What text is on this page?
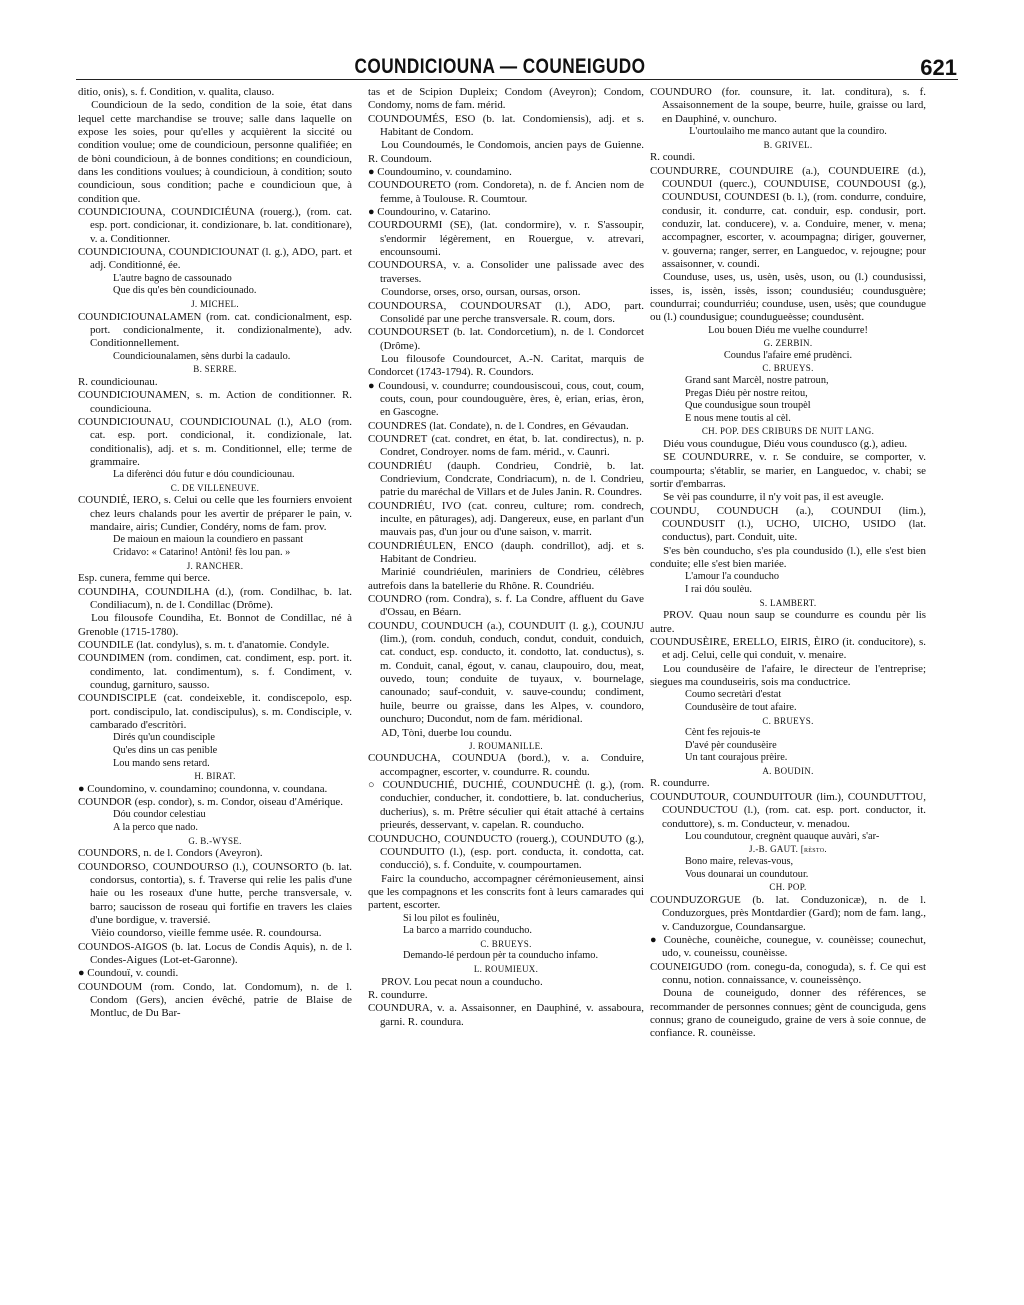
COUNDICIOUNA — COUNEIGUDO	621

ditio, onis), s. f. Condition, v. qualita, clauso.

Coundicioun de la sedo, condition de la soie, état dans lequel cette marchandise se trouve; salle dans laquelle on expose les soies, pour qu'elles y acquièrent la siccité ou condition voulue; ome de coundicioun, personne qualifiée; en de bòni coundicioun, à de bonnes conditions; en coundicioun, dans les conditions voulues; à coundicioun, à condition; souto coundicioun, sous condition; pache e coundicioun que, à condition que.

COUNDICIOUNA, COUNDICIÉUNA (rouerg.), (rom. cat. esp. port. condicionar, it. condizionare, b. lat. conditionare), v. a. Conditionner.

COUNDICIOUNA, COUNDICIOUNAT (l. g.), ADO, part. et adj. Conditionné, ée.

L'autre bagno de cassounado
Que dis qu'es bèn coundiciounado.
J. MICHEL.

COUNDICIOUNALAMEN (rom. cat. condicionalment, esp. port. condicionalmente, it. condizionalmente), adv. Conditionnellement.

Coundiciounalamen, sèns durbi la cadaulo.
B. SERRE.

R. coundiciounau.

COUNDICIOUNAMEN, s. m. Action de conditionner. R. coundiciouna.

COUNDICIOUNAU, COUNDICIOUNAL (l.), ALO (rom. cat. esp. port. condicional, it. condizionale, lat. conditionalis), adj. et s. m. Conditionnel, elle; terme de grammaire.

La diferènci dóu futur e dóu coundiciounau.
C. DE VILLENEUVE.

COUNDIÉ, IERO, s. Celui ou celle que les fourniers envoient chez leurs chalands pour les avertir de préparer le pain, v. mandaire, airis; Cundier, Condéry, noms de fam. prov.

De maioun en maioun la coundiero en passant
Cridavo: « Catarino! Antòni! fès lou pan. »
J. RANCHER.

Esp. cunera, femme qui berce.

COUNDIHA, COUNDILHA (d.), (rom. Condilhac, b. lat. Condiliacum), n. de l. Condillac (Drôme).

Lou filousofe Coundiha, Et. Bonnot de Condillac, né à Grenoble (1715-1780).

COUNDILE (lat. condylus), s. m. t. d'anatomie. Condyle.

COUNDIMEN (rom. condimen, cat. condiment, esp. port. it. condimento, lat. condimentum), s. f. Condiment, v. coundug, garnituro, sausso.

COUNDISCIPLE (cat. condeixeble, it. condiscepolo, esp. port. condiscipulo, lat. condiscipulus), s. m. Condisciple, v. cambarado d'escritòri.

Dirés qu'un coundisciple
Qu'es dins un cas penible
Lou mando sens retard.
H. BIRAT.

● Coundomino, v. coundamino; coundonna, v. coundana.

COUNDOR (esp. condor), s. m. Condor, oiseau d'Amérique.

Dóu coundor celestiau
A la perco que nado.
G. B.-WYSE.

COUNDORS, n. de l. Condors (Aveyron).

COUNDORSO, COUNDOURSO (l.), COUNSORTO (b. lat. condorsus, contortia), s. f. Traverse qui relie les palis d'une haie ou les roseaux d'une hutte, perche transversale, v. barro; saucisson de roseau qui fortifie en travers les claies d'une bordigue, v. traversié.

Vièio coundorso, vieille femme usée. R. coundoursa.

COUNDOS-AIGOS (b. lat. Locus de Condis Aquis), n. de l. Condes-Aigues (Lot-et-Garonne).

● Coundouï, v. coundi.

COUNDOUM (rom. Condo, lat. Condomum), n. de l. Condom (Gers), ancien évêché, patrie de Blaise de Montluc, de Du Bar-

tas et de Scipion Dupleix; Condom (Aveyron); Condom, Condomy, noms de fam. mérid.

COUNDOUMÉS, ESO (b. lat. Condomiensis), adj. et s. Habitant de Condom.

Lou Coundoumés, le Condomois, ancien pays de Guienne. R. Coundoum.

● Coundoumino, v. coundamino.

COUNDOURETO (rom. Condoreta), n. de f. Ancien nom de femme, à Toulouse. R. Coumtour.

● Coundourino, v. Catarino.

COURDOURMI (SE), (lat. condormire), v. r. S'assoupir, s'endormir légèrement, en Rouergue, v. atrevari, encounsoumi.

COUNDOURSA, v. a. Consolider une palissade avec des traverses.

Coundorse, orses, orso, oursan, oursas, orson.

COUNDOURSA, COUNDOURSAT (l.), ADO, part. Consolidé par une perche transversale. R. coum, dors.

COUNDOURSET (b. lat. Condorcetium), n. de l. Condorcet (Drôme).

Lou filousofe Coundourcet, A.-N. Caritat, marquis de Condorcet (1743-1794). R. Coundors.

● Coundousi, v. coundurre; coundousiscoui, cous, cout, coum, couts, coun, pour coundouguère, ères, è, erian, erias, èron, en Gascogne.

COUNDRES (lat. Condate), n. de l. Condres, en Gévaudan.

COUNDRET (cat. condret, en état, b. lat. condirectus), n. p. Condret, Condroyer. noms de fam. mérid., v. Caunri.

COUNDRIÉU (dauph. Condrieu, Condriè, b. lat. Condrievium, Condcrate, Condriacum), n. de l. Condrieu, patrie du maréchal de Villars et de Jules Janin. R. Coundres.

COUNDRIÉU, IVO (cat. conreu, culture; rom. condrech, inculte, en pâturages), adj. Dangereux, euse, en parlant d'un mauvais pas, d'un jour ou d'une saison, v. marrit.

COUNDRIÉULEN, ENCO (dauph. condrillot), adj. et s. Habitant de Condrieu.

Marinié coundriéulen, mariniers de Condrieu, célèbres autrefois dans la batellerie du Rhône. R. Coundriéu.

COUNDRO (rom. Condra), s. f. La Condre, affluent du Gave d'Ossau, en Béarn.

COUNDU, COUNDUCH (a.), COUNDUIT (l. g.), COUNJU (lim.), (rom. conduh, conduch, condut, conduit, conduich, cat. conduct, esp. conducto, it. condotto, lat. conductus), s. m. Conduit, canal, égout, v. canau, claupouiro, dou, meat, ouvedo, toun; conduite de tuyaux, v. bournelage, canounado; sauf-conduit, v. sauve-coundu; condiment, huile, beurre ou graisse, dans les Alpes, v. coundoro, ounchuro; Ducondut, nom de fam. méridional.

AD, Tòni, duerbe lou coundu.

J. ROUMANILLE.

COUNDUCHA, COUNDUA (bord.), v. a. Conduire, accompagner, escorter, v. coundurre. R. coundu.

○ COUNDUCHIÉ, DUCHIÉ, COUNDUCHÈ (l. g.), (rom. conduchier, conducher, it. condottiere, b. lat. conducherius, ducherius), s. m. Prêtre séculier qui était attaché à certains prieurés, desservant, v. capelan. R. counducho.

COUNDUCHO, COUNDUCTO (rouerg.), COUNDUTO (g.), COUNDUITO (l.), (esp. port. conducta, it. condotta, cat. conducció), s. f. Conduite, v. coumpourtamen.

Fairc la counducho, accompagner cérémonieusement, ainsi que les compagnons et les conscrits font à leurs camarades qui partent, escorter.

Si lou pilot es foulinèu,
La barco a marrido counducho.
C. BRUEYS.
Demando-lé perdoun pèr ta counducho infamo.
L. ROUMIEUX.

PROV. Lou pecat noun a counducho.

R. coundurre.

COUNDURA, v. a. Assaisonner, en Dauphiné, v. assaboura, garni. R. coundura.

COUNDURO (for. counsure, it. lat. conditura), s. f. Assaisonnement de la soupe, beurre, huile, graisse ou lard, en Dauphiné, v. ounchuro.

L'ourtoulaiho me manco autant que la coundiro.
B. GRIVEL.

R. coundi.

COUNDURRE, COUNDUIRE (a.), COUNDUEIRE (d.), COUNDUI (querc.), COUNDUISE, COUNDOUSI (g.), COUNDUSI, COUNDESI (b. l.), (rom. condurre, conduire, condusir, it. condurre, cat. conduir, esp. condusir, port. conduzir, lat. conducere), v. a. Conduire, mener, v. mena; accompagner, escorter, v. acoumpagna; diriger, gouverner, v. gouverna; ranger, serrer, en Languedoc, v. rejougne; pour assaisonner, v. coundi.

Counduse, uses, us, usèn, usès, uson, ou (l.) coundusissi, isses, is, issèn, issès, isson; coundusiéu; coundusguère; coundurrai; coundurriéu; counduse, usen, usès; que coundugue ou (l.) coundusigue; coundugueèsse; coundusènt.

Lou bouen Diéu me vuelhe coundurre!
G. ZERBIN.
Coundus l'afaire emé prudènci.
C. BRUEYS.
Grand sant Marcèl, nostre patroun,
Pregas Diéu pèr nostre reitou,
Que coundusigue soun troupèl
E nous mene toutis al cèl.
CH. POP. DES CRIBURS DE NUIT LANG.

Diéu vous coundugue, Diéu vous coundusco (g.), adieu.

SE COUNDURRE, v. r. Se conduire, se comporter, v. coumpourta; s'établir, se marier, en Languedoc, v. chabi; se sortir d'embarras.

Se vèi pas coundurre, il n'y voit pas, il est aveugle.

COUNDU, COUNDUCH (a.), COUNDUI (lim.), COUNDUSIT (l.), UCHO, UICHO, USIDO (lat. conductus), part. Conduit, uite.

S'es bèn counducho, s'es pla coundusido (l.), elle s'est bien conduite; elle s'est bien mariée.

L'amour l'a counducho
I rai dóu soulèu.
S. LAMBERT.

PROV. Quau noun saup se coundurre es coundu pèr lis autre.

COUNDUSÈIRE, ERELLO, EIRIS, ÈIRO (it. conducitore), s. et adj. Celui, celle qui conduit, v. menaire.

Lou coundusèire de l'afaire, le directeur de l'entreprise; siegues ma counduseiris, sois ma conductrice.

Coumo secretàri d'estat
Coundusèire de tout afaire.
C. BRUEYS.
Cènt fes rejouis-te
D'avé pèr coundusèire
Un tant courajous prèire.
A. BOUDIN.

R. coundurre.

COUNDUTOUR, COUNDUITOUR (lim.), COUNDUTTOU, COUNDUCTOU (l.), (rom. cat. esp. port. conductor, it. conduttore), s. m. Conducteur, v. menadou.

Lou coundutour, cregnènt quauque auvàri, s'ar-
J.-B. GAUT. [rèsto.
Bono maire, relevas-vous,
Vous dounarai un coundutour.
CH. POP.

COUNDUZORGUE (b. lat. Conduzonicæ), n. de l. Conduzorgues, près Montdardier (Gard); nom de fam. lang., v. Canduzorgue, Coundansargue.

● Counèche, counèiche, counegue, v. counèisse; counechut, udo, v. couneissu, counèisse.

COUNEIGUDO (rom. conegu-da, conoguda), s. f. Ce qui est connu, notion. connaissance, v. couneissènço.

Douna de couneigudo, donner des références, se recommander de personnes connues; gènt de counciguda, gens connus; grano de couneigudo, graine de vers à soie connue, de confiance. R. counèisse.
